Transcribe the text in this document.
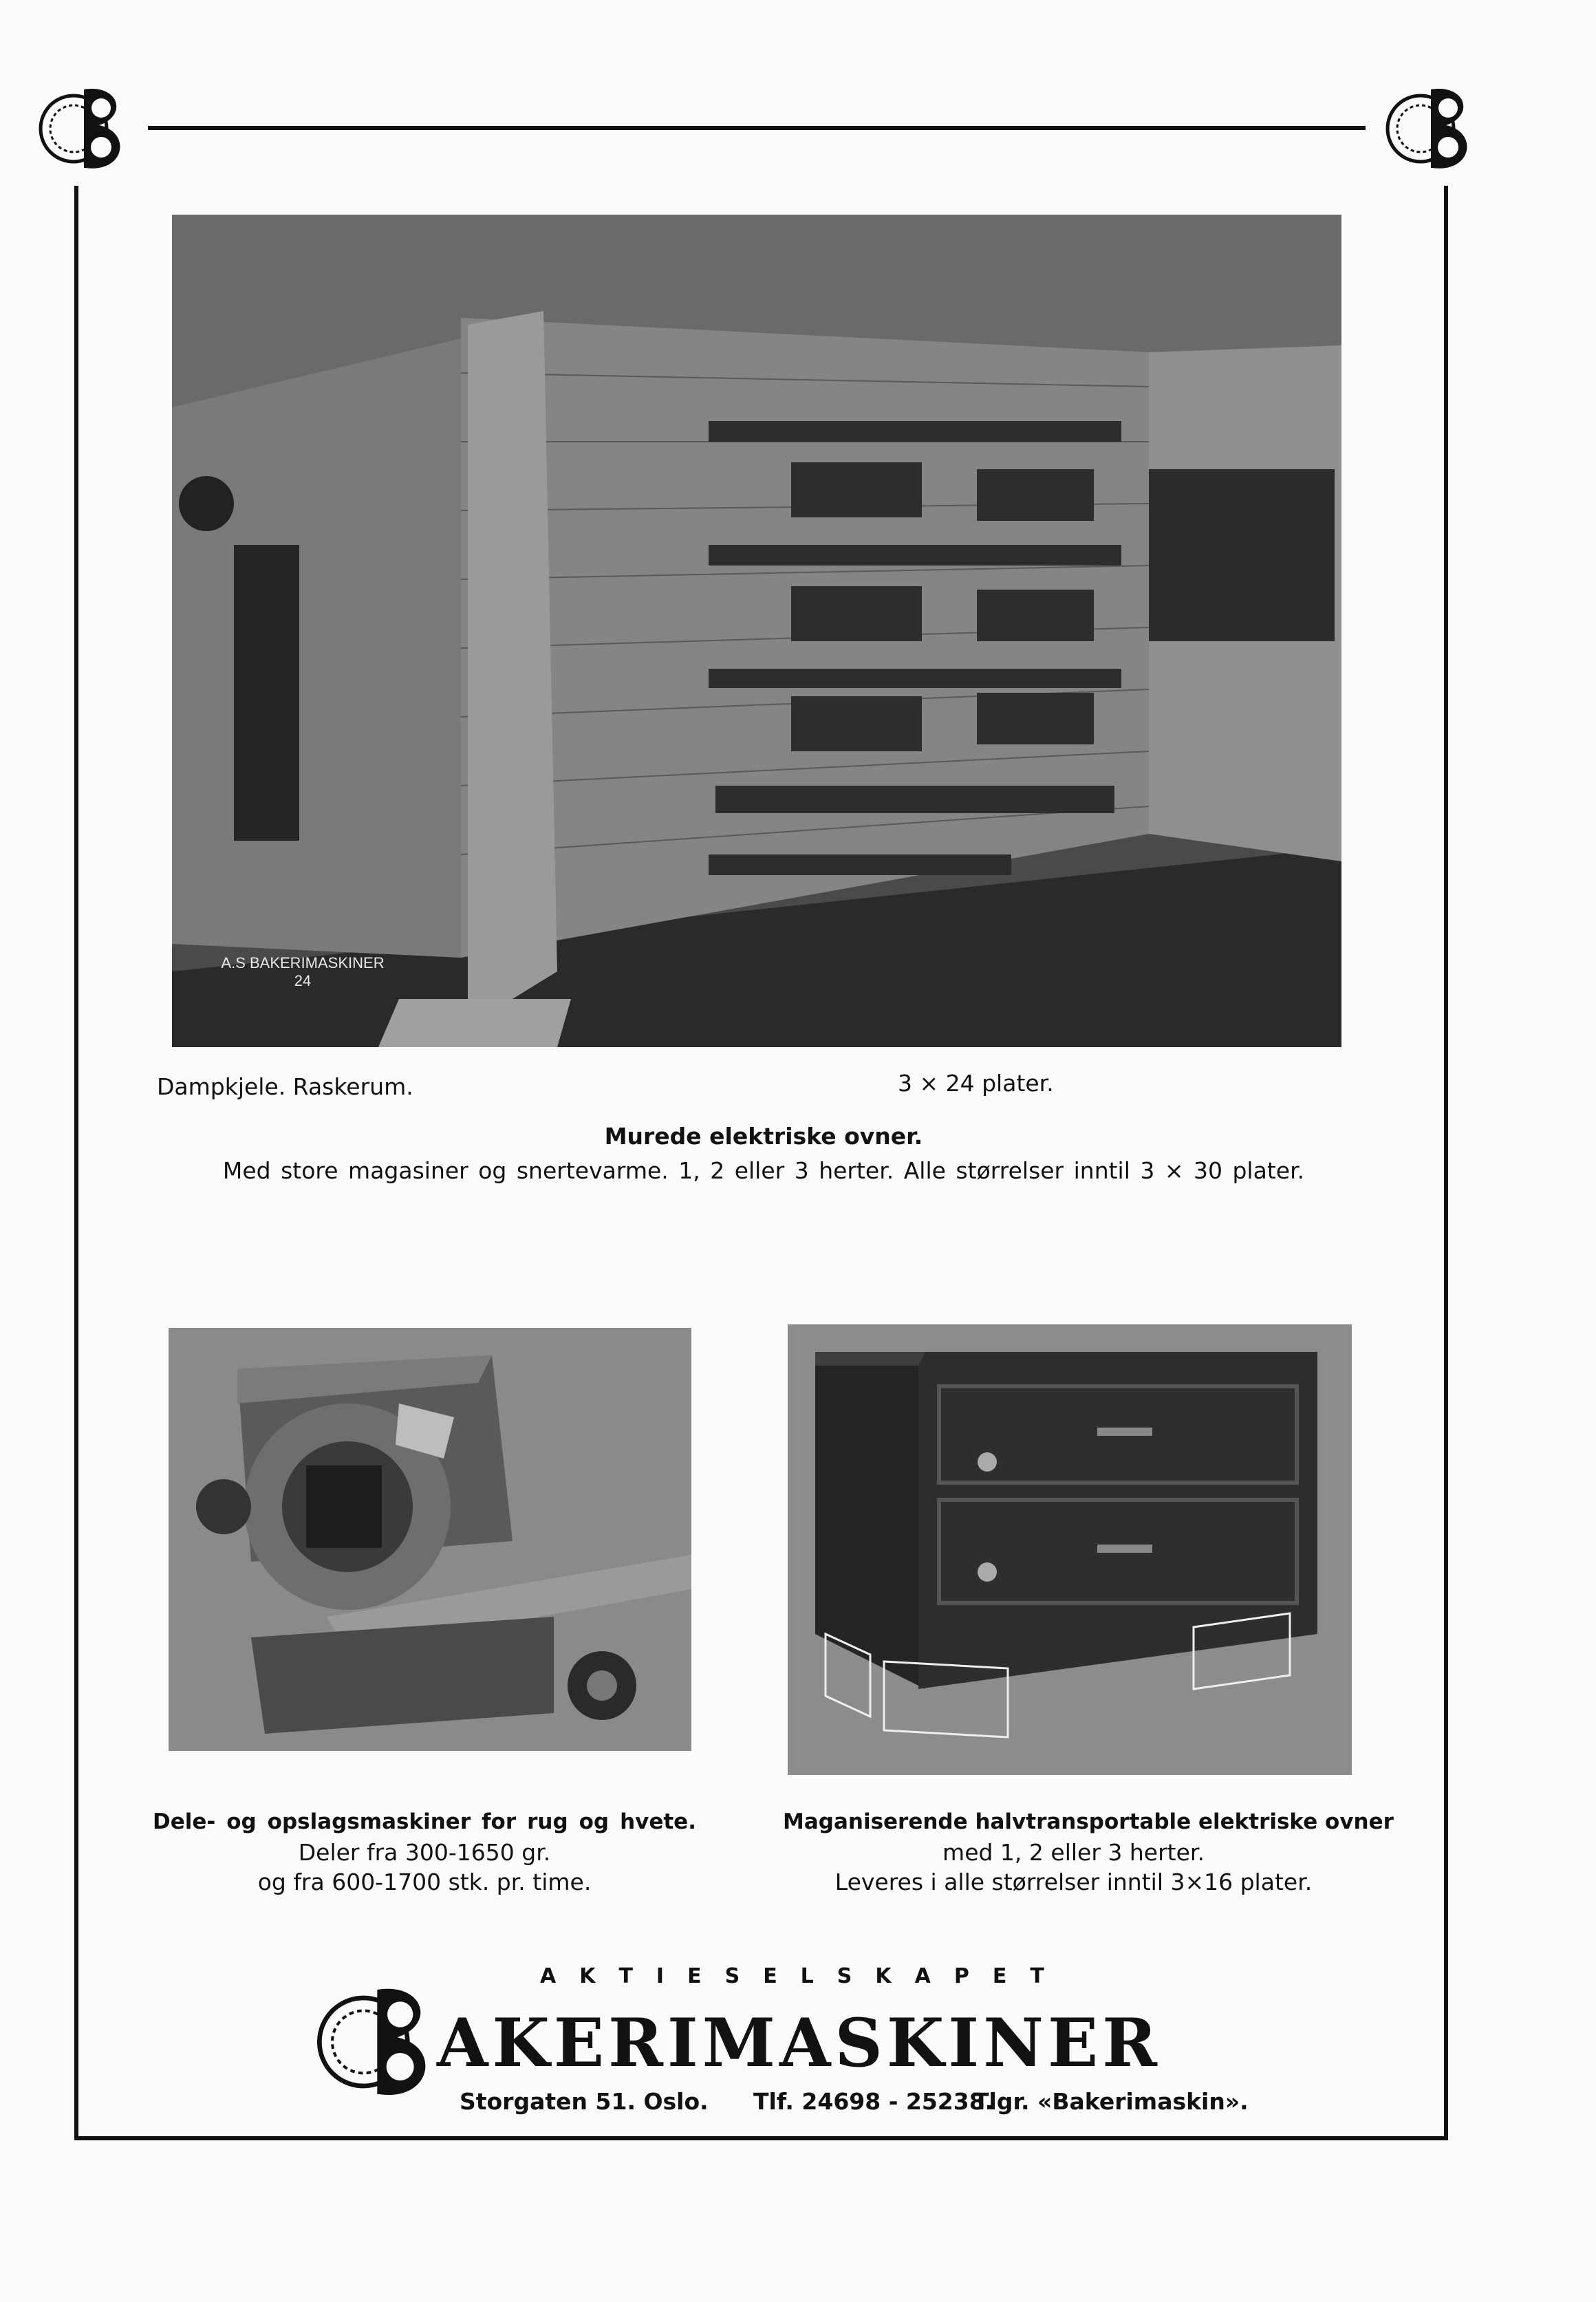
A.S BAKERIMASKINER
24
Dampkjele. Raskerum.	3 × 24 plater.
Murede elektriske ovner.
Med store magasiner og snertevarme. 1, 2 eller 3 herter. Alle størrelser inntil 3 × 30 plater.
Dele- og opslagsmaskiner for rug og hvete.
Deler fra 300-1650 gr.
og fra 600-1700 stk. pr. time.
Maganiserende halvtransportable elektriske ovner
med 1, 2 eller 3 herter.
Leveres i alle størrelser inntil 3×16 plater.
AKTIESELSKAPET
AKERIMASKINER
Storgaten 51. Oslo. Tlf. 24698 - 25238.
Tlgr. «Bakerimaskin».
